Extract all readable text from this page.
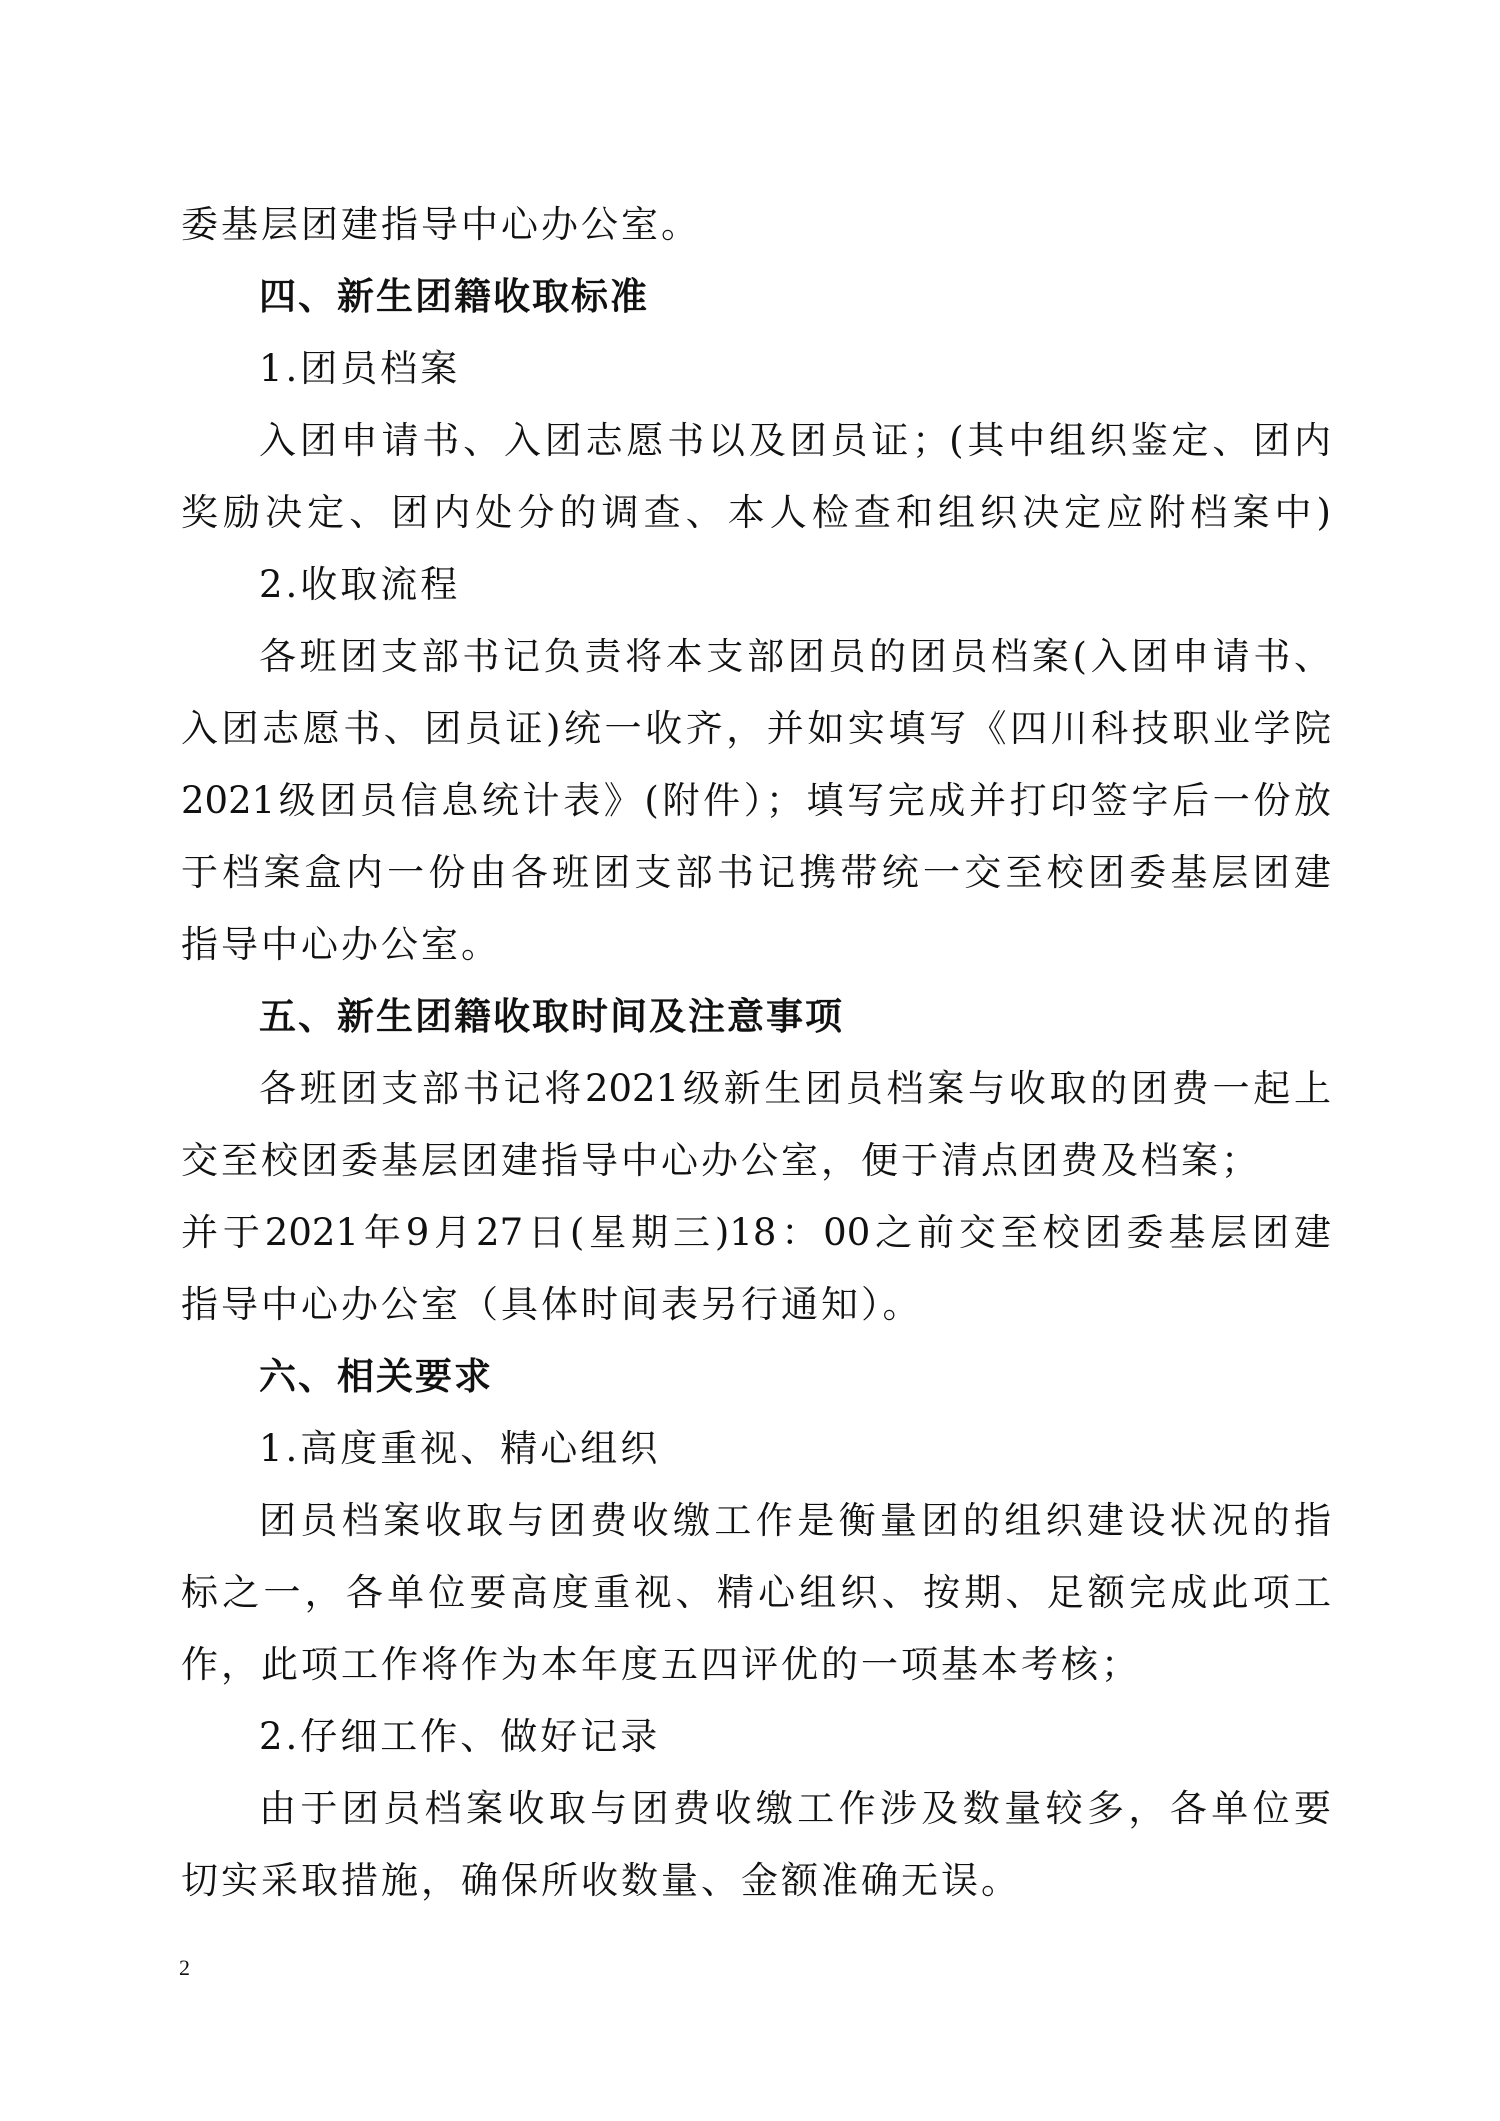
委基层团建指导中心办公室。
四、新生团籍收取标准
1.团员档案
入团申请书、入团志愿书以及团员证；(其中组织鉴定、团内
奖励决定、团内处分的调查、本人检查和组织决定应附档案中)
2.收取流程
各班团支部书记负责将本支部团员的团员档案(入团申请书、
入团志愿书、团员证)统一收齐，并如实填写《四川科技职业学院
2021级团员信息统计表》(附件）；填写完成并打印签字后一份放
于档案盒内一份由各班团支部书记携带统一交至校团委基层团建
指导中心办公室。
五、新生团籍收取时间及注意事项
各班团支部书记将2021级新生团员档案与收取的团费一起上
交至校团委基层团建指导中心办公室，便于清点团费及档案；
并于2021年9月27日(星期三)18：00之前交至校团委基层团建
指导中心办公室（具体时间表另行通知）。
六、相关要求
1.高度重视、精心组织
团员档案收取与团费收缴工作是衡量团的组织建设状况的指
标之一，各单位要高度重视、精心组织、按期、足额完成此项工
作，此项工作将作为本年度五四评优的一项基本考核；
2.仔细工作、做好记录
由于团员档案收取与团费收缴工作涉及数量较多，各单位要
切实采取措施，确保所收数量、金额准确无误。
2
